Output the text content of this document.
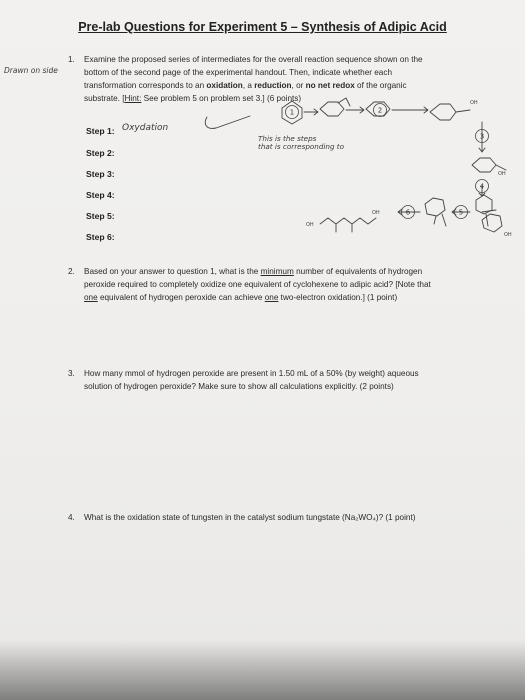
Pre-lab Questions for Experiment 5 – Synthesis of Adipic Acid
1. Examine the proposed series of intermediates for the overall reaction sequence shown on the
bottom of the second page of the experimental handout. Then, indicate whether each
transformation corresponds to an oxidation, a reduction, or no net redox of the organic
substrate. [Hint: See problem 5 on problem set 3.] (6 points)
Drawn on side
Step 1:
Step 2:
Step 3:
Step 4:
Step 5:
Step 6:
Oxydation
This is the steps
that is corresponding to
1	2
3
4
5
6
OH
OH
OH
OH
OH
2. Based on your answer to question 1, what is the minimum number of equivalents of hydrogen
peroxide required to completely oxidize one equivalent of cyclohexene to adipic acid? [Note that
one equivalent of hydrogen peroxide can achieve one two-electron oxidation.] (1 point)
3. How many mmol of hydrogen peroxide are present in 1.50 mL of a 50% (by weight) aqueous
solution of hydrogen peroxide? Make sure to show all calculations explicitly. (2 points)
4. What is the oxidation state of tungsten in the catalyst sodium tungstate (Na₂WO₄)? (1 point)
